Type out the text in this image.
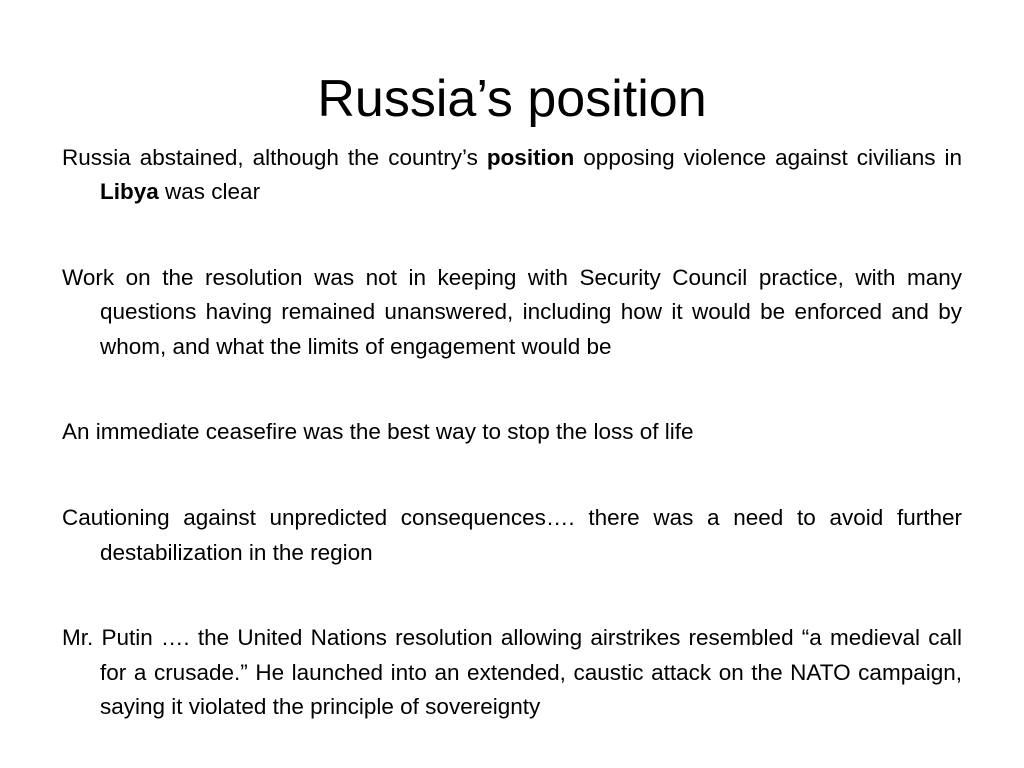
Russia’s position

Russia abstained, although the country’s position opposing violence against civilians in Libya was clear

Work on the resolution was not in keeping with Security Council practice, with many questions having remained unanswered, including how it would be enforced and by whom, and what the limits of engagement would be

An immediate ceasefire was the best way to stop the loss of life

Cautioning against unpredicted consequences…. there was a need to avoid further destabilization in the region

Mr. Putin …. the United Nations resolution allowing airstrikes resembled “a medieval call for a crusade.” He launched into an extended, caustic attack on the NATO campaign, saying it violated the principle of sovereignty
